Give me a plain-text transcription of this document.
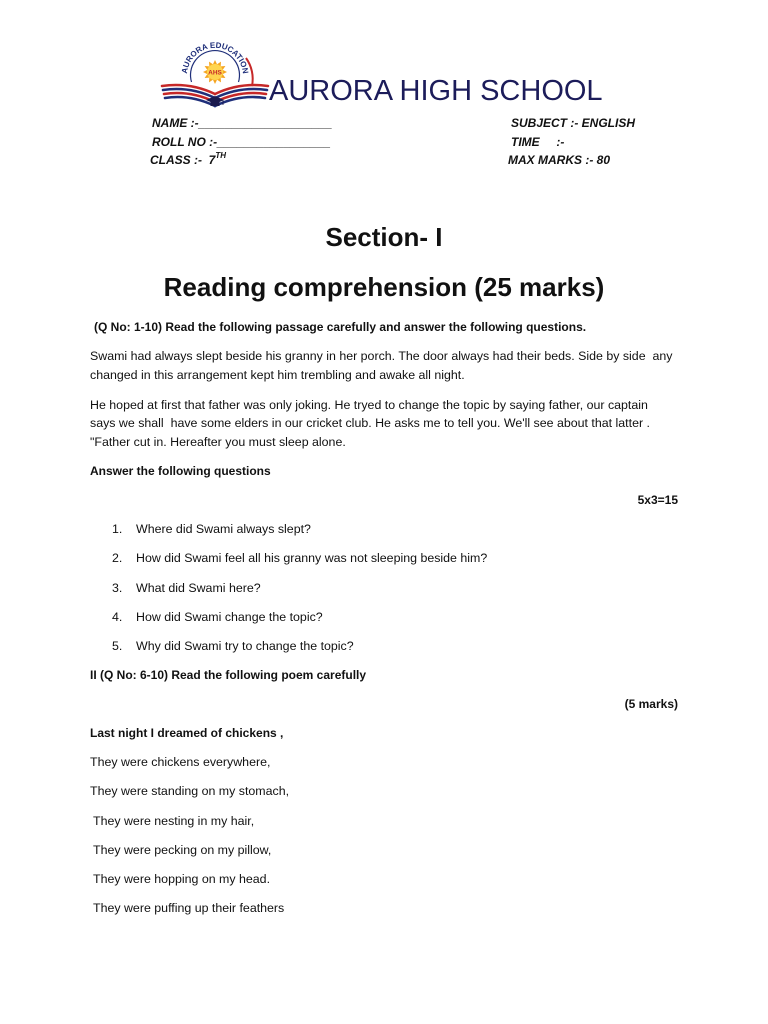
AURORA EDUCATION
AHS
AURORA HIGH SCHOOL
NAME :-____________________
ROLL NO :-_________________
CLASS :-  7TH
SUBJECT :- ENGLISH
TIME     :-
MAX MARKS :- 80
Section- I
Reading comprehension (25 marks)
(Q No: 1-10) Read the following passage carefully and answer the following questions.
Swami had always slept beside his granny in her porch. The door always had their beds. Side by side  any
changed in this arrangement kept him trembling and awake all night.
He hoped at first that father was only joking. He tryed to change the topic by saying father, our captain
says we shall  have some elders in our cricket club. He asks me to tell you. We'll see about that latter .
"Father cut in. Hereafter you must sleep alone.
Answer the following questions
5x3=15
1. Where did Swami always slept?
2. How did Swami feel all his granny was not sleeping beside him?
3. What did Swami here?
4. How did Swami change the topic?
5. Why did Swami try to change the topic?
II (Q No: 6-10) Read the following poem carefully
(5 marks)
Last night I dreamed of chickens ,
They were chickens everywhere,
They were standing on my stomach,
They were nesting in my hair,
They were pecking on my pillow,
They were hopping on my head.
They were puffing up their feathers
